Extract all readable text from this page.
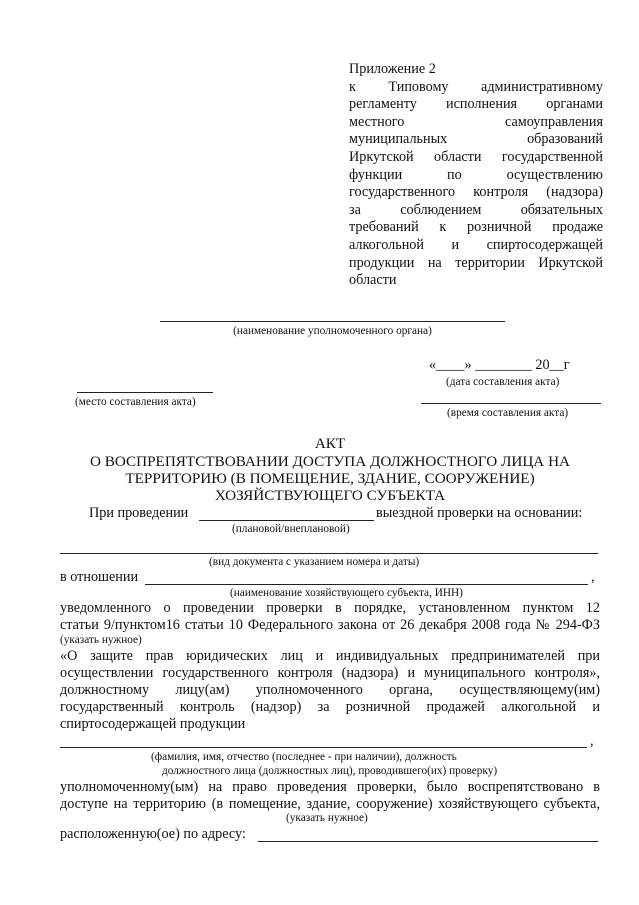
Приложение 2
к Типовому административному
регламенту исполнения органами
местного самоуправления
муниципальных образований
Иркутской области государственной
функции по осуществлению
государственного контроля (надзора)
за соблюдением обязательных
требований к розничной продаже
алкогольной и спиртосодержащей
продукции на территории Иркутской
области
(наименование уполномоченного органа)
«____» ________ 20__г
(дата составления акта)
(место составления акта)
(время составления акта)
АКТ
О ВОСПРЕПЯТСТВОВАНИИ ДОСТУПА ДОЛЖНОСТНОГО ЛИЦА НА
ТЕРРИТОРИЮ (В ПОМЕЩЕНИЕ, ЗДАНИЕ, СООРУЖЕНИЕ)
ХОЗЯЙСТВУЮЩЕГО СУБЪЕКТА
При проведении	выездной проверки на основании:
(плановой/внеплановой)
(вид документа с указанием номера и даты)
в отношении	,
(наименование хозяйствующего субъекта, ИНН)
уведомленного о проведении проверки в порядке, установленном пунктом 12
статьи 9/пунктом16 статьи 10 Федерального закона от 26 декабря 2008 года № 294-ФЗ
(указать нужное)
«О защите прав юридических лиц и индивидуальных предпринимателей при
осуществлении государственного контроля (надзора) и муниципального контроля»,
должностному лицу(ам) уполномоченного органа, осуществляющему(им)
государственный контроль (надзор) за розничной продажей алкогольной и
спиртосодержащей продукции
,
(фамилия, имя, отчество (последнее - при наличии), должность
должностного лица (должностных лиц), проводившего(их) проверку)
уполномоченному(ым) на право проведения проверки, было воспрепятствовано в
доступе на территорию (в помещение, здание, сооружение) хозяйствующего субъекта,
(указать нужное)
расположенную(ое) по адресу:
